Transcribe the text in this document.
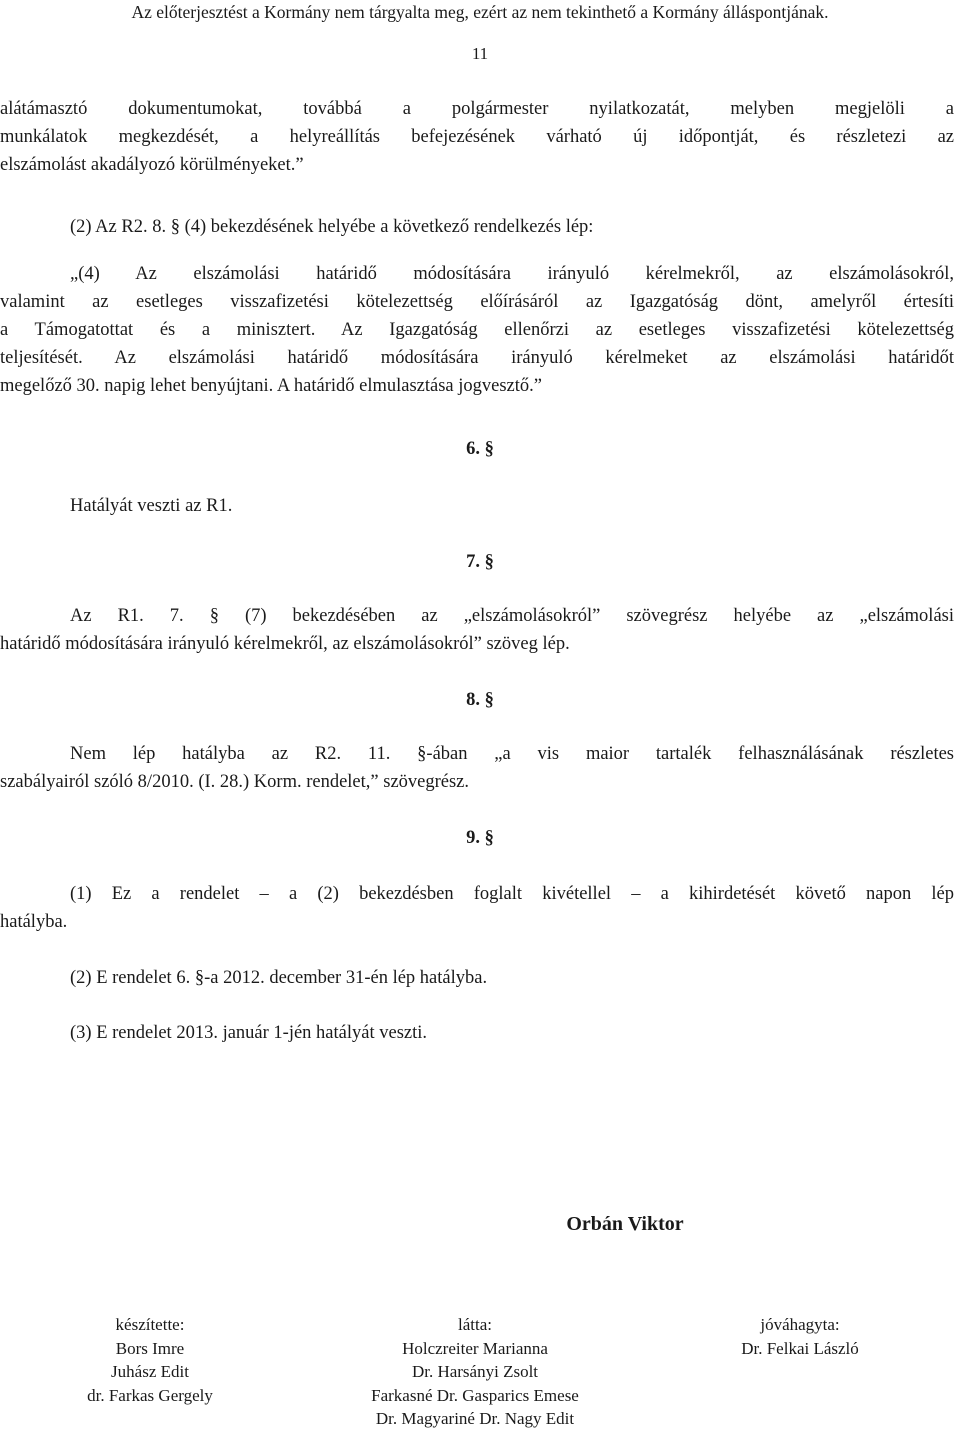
Az előterjesztést a Kormány nem tárgyalta meg, ezért az nem tekinthető a Kormány álláspontjának.
11
alátámasztó dokumentumokat, továbbá a polgármester nyilatkozatát, melyben megjelöli a
munkálatok megkezdését, a helyreállítás befejezésének várható új időpontját, és részletezi az
elszámolást akadályozó körülményeket.”
(2) Az R2. 8. § (4) bekezdésének helyébe a következő rendelkezés lép:
„(4) Az elszámolási határidő módosítására irányuló kérelmekről, az elszámolásokról,
valamint az esetleges visszafizetési kötelezettség előírásáról az Igazgatóság dönt, amelyről értesíti
a Támogatottat és a minisztert. Az Igazgatóság ellenőrzi az esetleges visszafizetési kötelezettség
teljesítését. Az elszámolási határidő módosítására irányuló kérelmeket az elszámolási határidőt
megelőző 30. napig lehet benyújtani. A határidő elmulasztása jogvesztő.”
6. §
Hatályát veszti az R1.
7. §
Az R1. 7. § (7) bekezdésében az „elszámolásokról” szövegrész helyébe az „elszámolási
határidő módosítására irányuló kérelmekről, az elszámolásokról” szöveg lép.
8. §
Nem lép hatályba az R2. 11. §-ában „a vis maior tartalék felhasználásának részletes
szabályairól szóló 8/2010. (I. 28.) Korm. rendelet,” szövegrész.
9. §
(1) Ez a rendelet – a (2) bekezdésben foglalt kivétellel – a kihirdetését követő napon lép
hatályba.
(2) E rendelet 6. §-a 2012. december 31-én lép hatályba.
(3) E rendelet 2013. január 1-jén hatályát veszti.
Orbán Viktor
készítette:
Bors Imre
Juhász Edit
dr. Farkas Gergely
látta:
Holczreiter Marianna
Dr. Harsányi Zsolt
Farkasné Dr. Gasparics Emese
Dr. Magyariné Dr. Nagy Edit
jóváhagyta:
Dr. Felkai László
